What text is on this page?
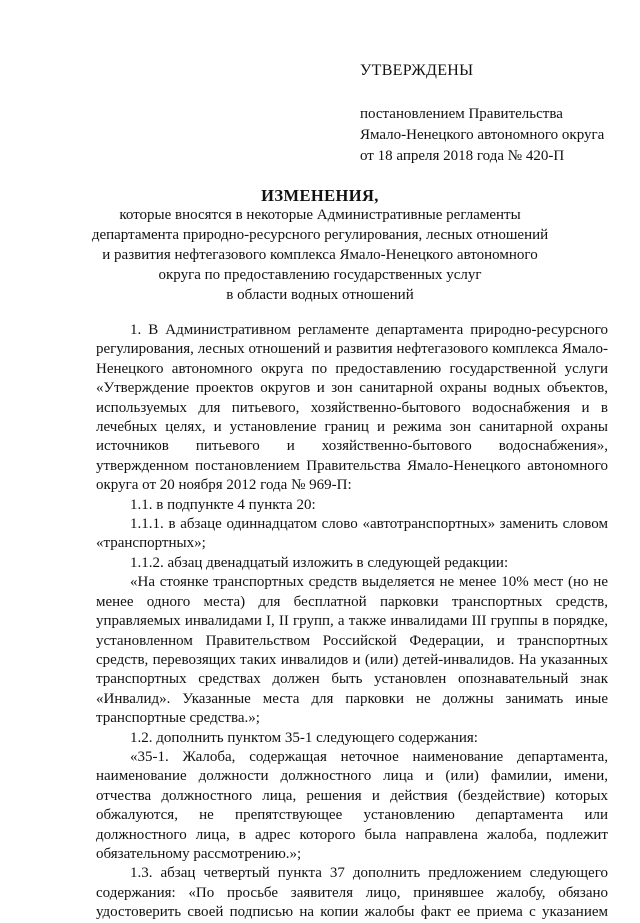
УТВЕРЖДЕНЫ
постановлением Правительства
Ямало-Ненецкого автономного округа
от 18 апреля 2018 года № 420-П
ИЗМЕНЕНИЯ,
которые вносятся в некоторые Административные регламенты
департамента природно-ресурсного регулирования, лесных отношений
и развития нефтегазового комплекса Ямало-Ненецкого автономного
округа по предоставлению государственных услуг
в области водных отношений

1. В Административном регламенте департамента природно-ресурсного регулирования, лесных отношений и развития нефтегазового комплекса Ямало-Ненецкого автономного округа по предоставлению государственной услуги «Утверждение проектов округов и зон санитарной охраны водных объектов, используемых для питьевого, хозяйственно-бытового водоснабжения и в лечебных целях, и установление границ и режима зон санитарной охраны источников питьевого и хозяйственно-бытового водоснабжения», утвержденном постановлением Правительства Ямало-Ненецкого автономного округа от 20 ноября 2012 года № 969-П:

1.1. в подпункте 4 пункта 20:

1.1.1. в абзаце одиннадцатом слово «автотранспортных» заменить словом «транспортных»;

1.1.2. абзац двенадцатый изложить в следующей редакции:

«На стоянке транспортных средств выделяется не менее 10% мест (но не менее одного места) для бесплатной парковки транспортных средств, управляемых инвалидами I, II групп, а также инвалидами III группы в порядке, установленном Правительством Российской Федерации, и транспортных средств, перевозящих таких инвалидов и (или) детей-инвалидов. На указанных транспортных средствах должен быть установлен опознавательный знак «Инвалид». Указанные места для парковки не должны занимать иные транспортные средства.»;

1.2. дополнить пунктом 35-1 следующего содержания:

«35-1. Жалоба, содержащая неточное наименование департамента, наименование должности должностного лица и (или) фамилии, имени, отчества должностного лица, решения и действия (бездействие) которых обжалуются, не препятствующее установлению департамента или должностного лица, в адрес которого была направлена жалоба, подлежит обязательному рассмотрению.»;

1.3. абзац четвертый пункта 37 дополнить предложением следующего содержания: «По просьбе заявителя лицо, принявшее жалобу, обязано удостоверить своей подписью на копии жалобы факт ее приема с указанием
